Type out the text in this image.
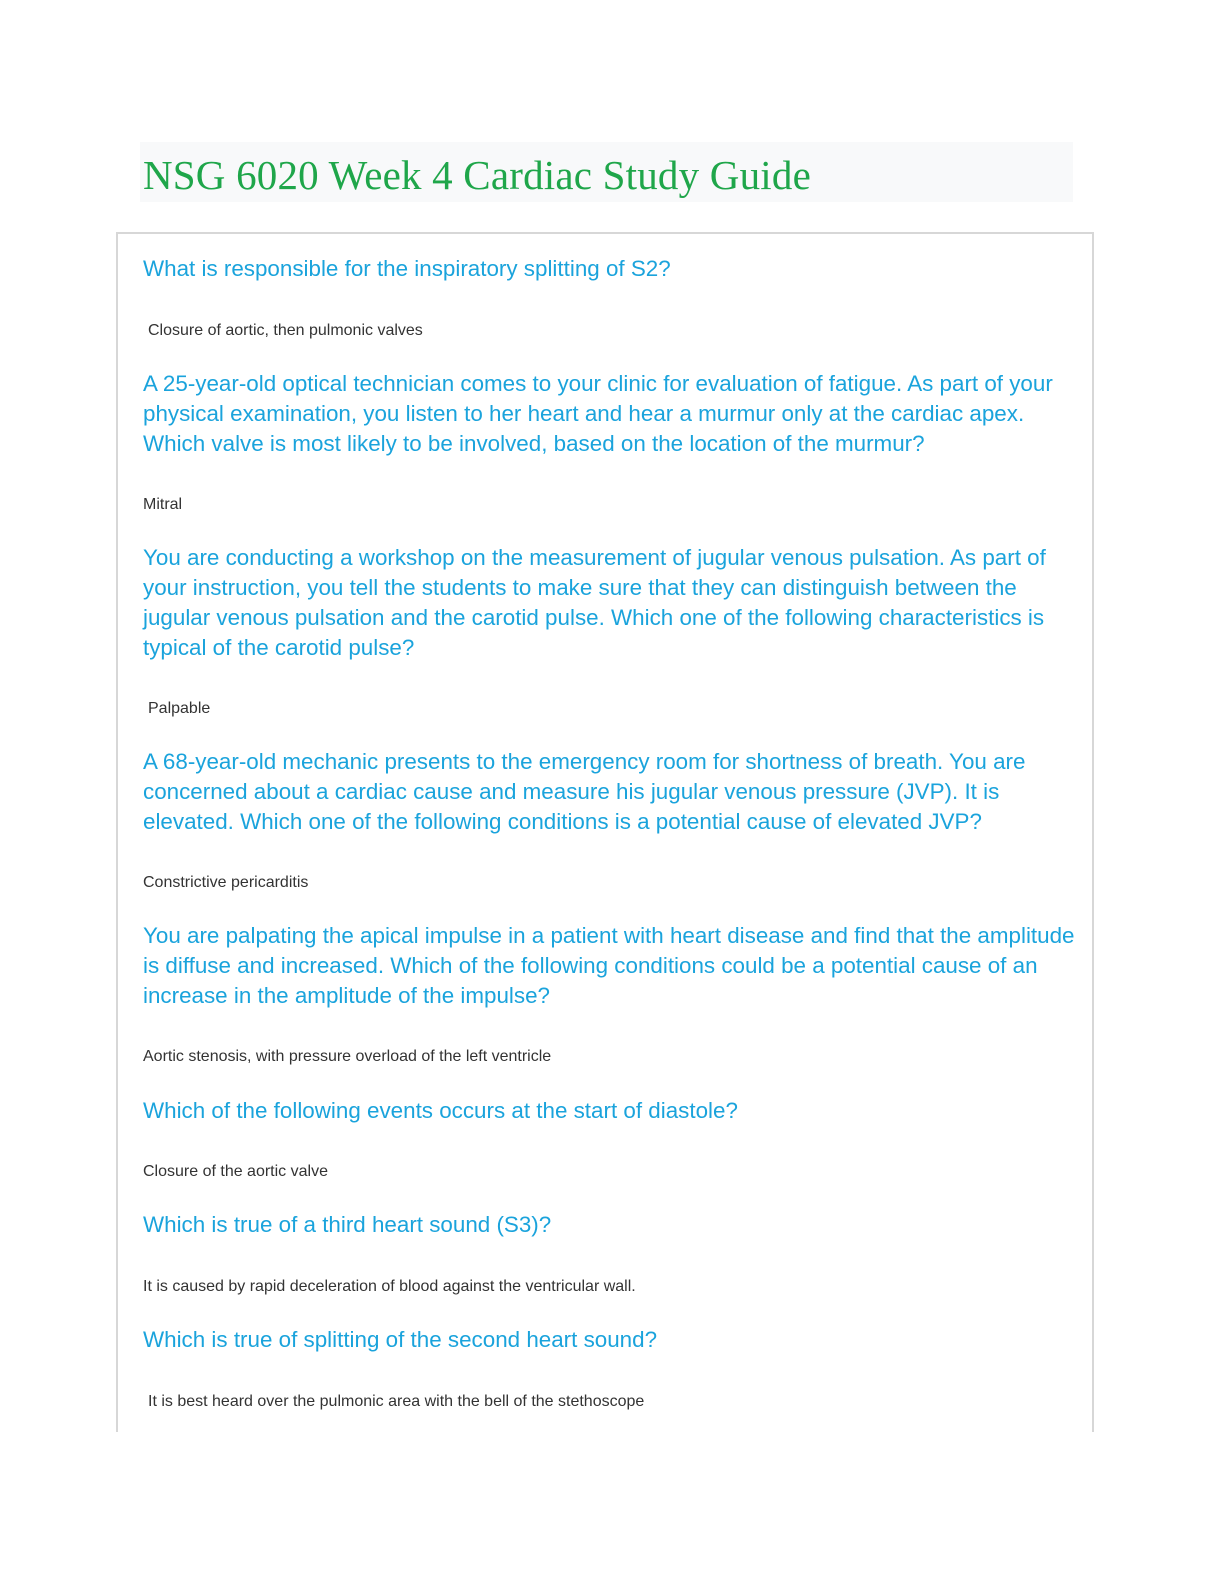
NSG 6020 Week 4 Cardiac Study Guide

What is responsible for the inspiratory splitting of S2?

Closure of aortic, then pulmonic valves

A 25-year-old optical technician comes to your clinic for evaluation of fatigue. As part of your physical examination, you listen to her heart and hear a murmur only at the cardiac apex. Which valve is most likely to be involved, based on the location of the murmur?

Mitral

You are conducting a workshop on the measurement of jugular venous pulsation. As part of your instruction, you tell the students to make sure that they can distinguish between the jugular venous pulsation and the carotid pulse. Which one of the following characteristics is typical of the carotid pulse?

Palpable

A 68-year-old mechanic presents to the emergency room for shortness of breath. You are concerned about a cardiac cause and measure his jugular venous pressure (JVP). It is elevated. Which one of the following conditions is a potential cause of elevated JVP?

Constrictive pericarditis

You are palpating the apical impulse in a patient with heart disease and find that the amplitude is diffuse and increased. Which of the following conditions could be a potential cause of an increase in the amplitude of the impulse?

Aortic stenosis, with pressure overload of the left ventricle

Which of the following events occurs at the start of diastole?

Closure of the aortic valve

Which is true of a third heart sound (S3)?

It is caused by rapid deceleration of blood against the ventricular wall.

Which is true of splitting of the second heart sound?

It is best heard over the pulmonic area with the bell of the stethoscope
